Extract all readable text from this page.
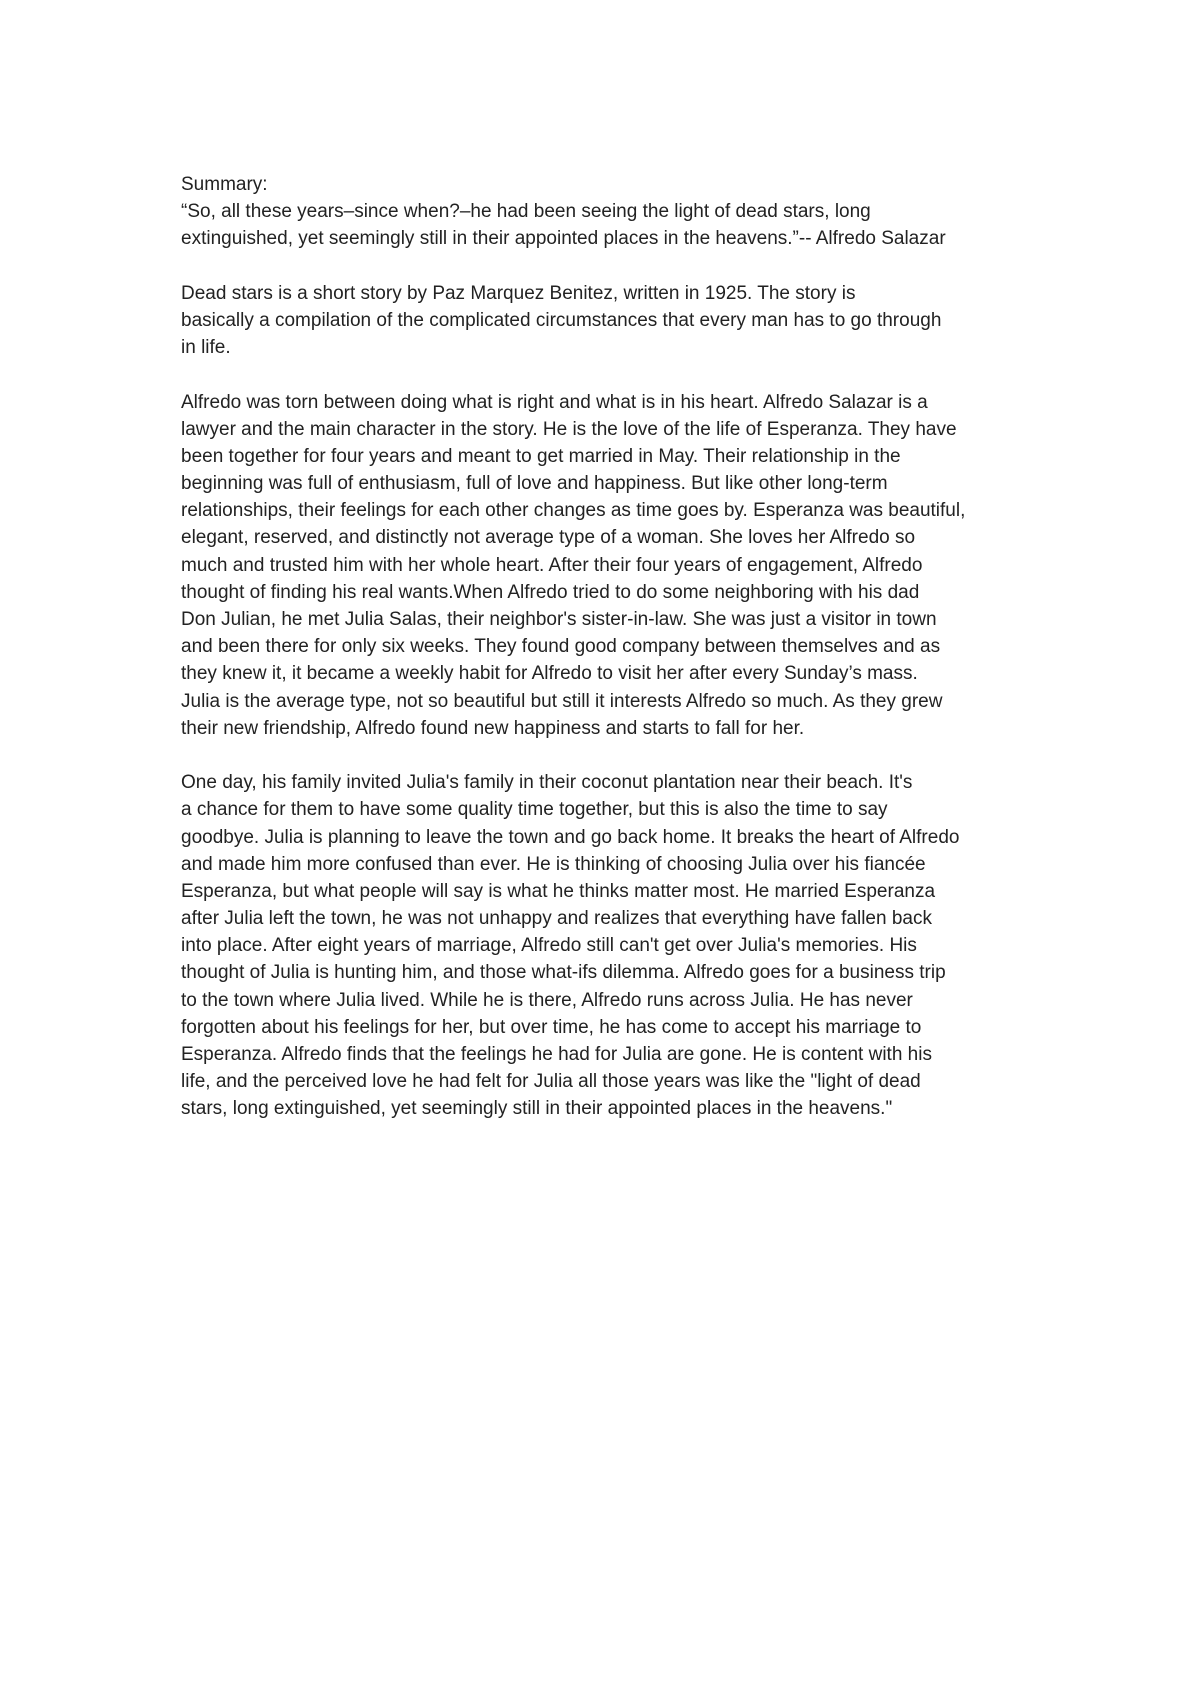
Summary:
“So, all these years–since when?–he had been seeing the light of dead stars, long
extinguished, yet seemingly still in their appointed places in the heavens.”-- Alfredo Salazar
Dead stars is a short story by Paz Marquez Benitez, written in 1925. The story is
basically a compilation of the complicated circumstances that every man has to go through
in life.
Alfredo was torn between doing what is right and what is in his heart. Alfredo Salazar is a
lawyer and the main character in the story. He is the love of the life of Esperanza. They have
been together for four years and meant to get married in May. Their relationship in the
beginning was full of enthusiasm, full of love and happiness. But like other long-term
relationships, their feelings for each other changes as time goes by. Esperanza was beautiful,
elegant, reserved, and distinctly not average type of a woman. She loves her Alfredo so
much and trusted him with her whole heart. After their four years of engagement, Alfredo
thought of finding his real wants.When Alfredo tried to do some neighboring with his dad
Don Julian, he met Julia Salas, their neighbor's sister-in-law. She was just a visitor in town
and been there for only six weeks. They found good company between themselves and as
they knew it, it became a weekly habit for Alfredo to visit her after every Sunday’s mass.
Julia is the average type, not so beautiful but still it interests Alfredo so much. As they grew
their new friendship, Alfredo found new happiness and starts to fall for her.
One day, his family invited Julia's family in their coconut plantation near their beach. It's
a chance for them to have some quality time together, but this is also the time to say
goodbye. Julia is planning to leave the town and go back home. It breaks the heart of Alfredo
and made him more confused than ever. He is thinking of choosing Julia over his fiancée
Esperanza, but what people will say is what he thinks matter most. He married Esperanza
after Julia left the town, he was not unhappy and realizes that everything have fallen back
into place. After eight years of marriage, Alfredo still can't get over Julia's memories. His
thought of Julia is hunting him, and those what-ifs dilemma. Alfredo goes for a business trip
to the town where Julia lived. While he is there, Alfredo runs across Julia. He has never
forgotten about his feelings for her, but over time, he has come to accept his marriage to
Esperanza. Alfredo finds that the feelings he had for Julia are gone. He is content with his
life, and the perceived love he had felt for Julia all those years was like the "light of dead
stars, long extinguished, yet seemingly still in their appointed places in the heavens."
